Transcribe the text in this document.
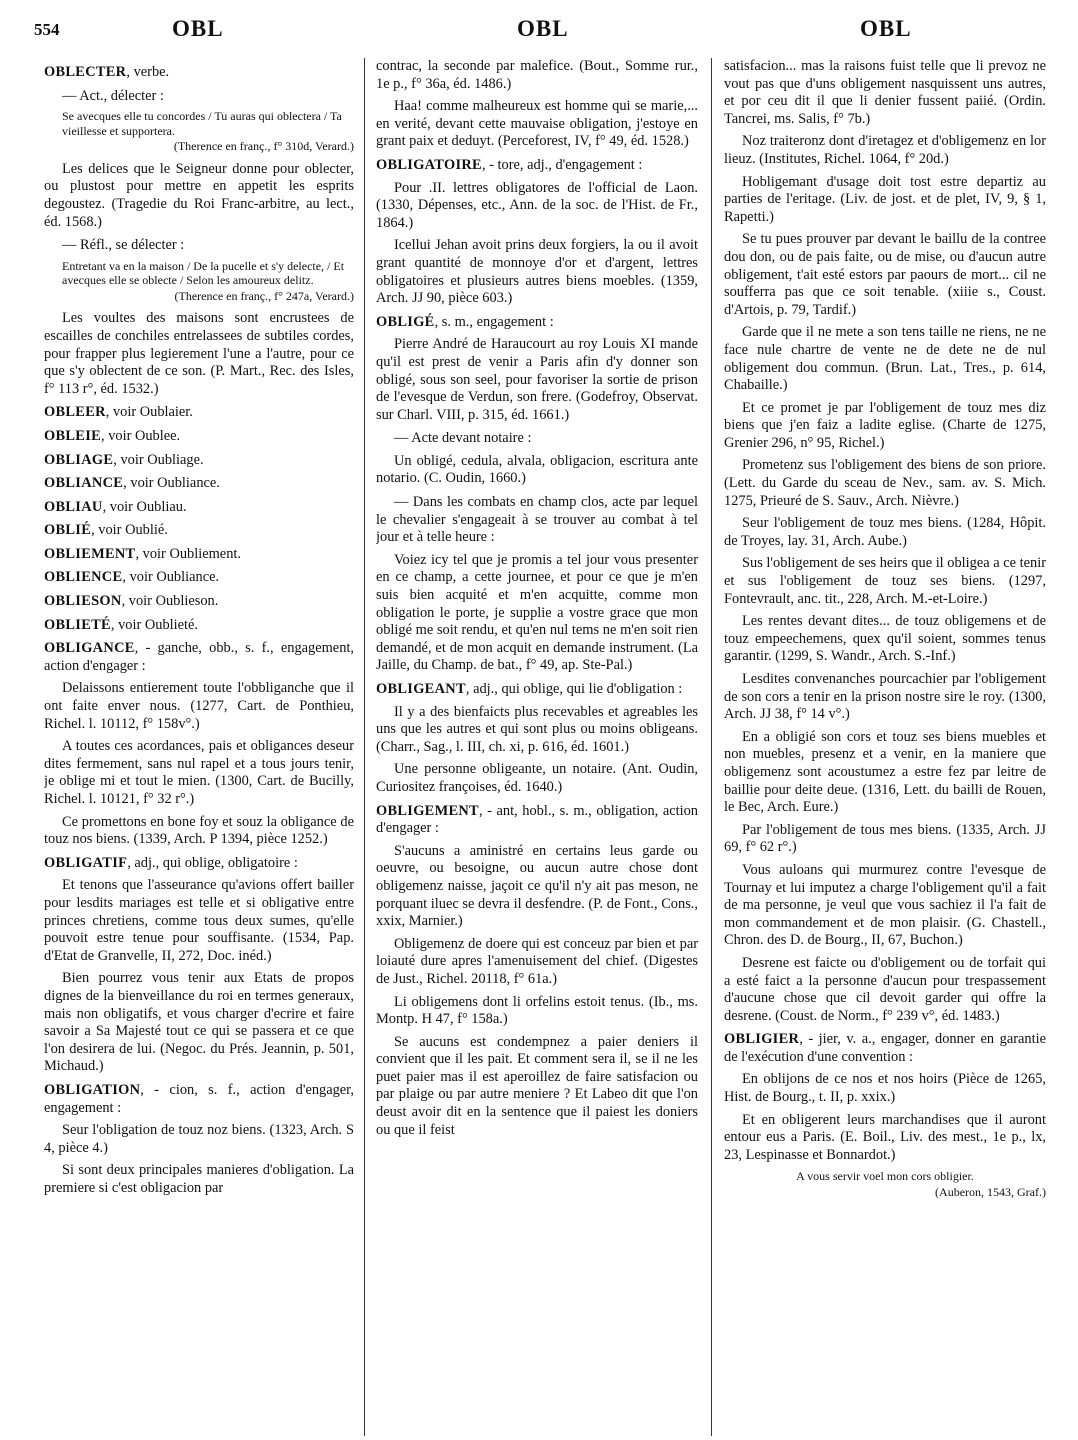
554	OBL	OBL	OBL

OBLECTER, verbe.

— Act., délecter :

Se avecques elle tu concordes / Tu auras qui oblectera / Ta vieillesse et supportera.
(Therence en franç., f° 310d, Verard.)

Les delices que le Seigneur donne pour oblecter, ou plustost pour mettre en appetit les esprits degoustez. (Tragedie du Roi Franc-arbitre, au lect., éd. 1568.)

— Réfl., se délecter :

Entretant va en la maison / De la pucelle et s'y delecte, / Et avecques elle se oblecte / Selon les amoureux delitz.
(Therence en franç., f° 247a, Verard.)

Les voultes des maisons sont encrustees de escailles de conchiles entrelassees de subtiles cordes, pour frapper plus legierement l'une a l'autre, pour ce que s'y oblectent de ce son. (P. Mart., Rec. des Isles, f° 113 r°, éd. 1532.)

OBLEER, voir Oublaier.

OBLEIE, voir Oublee.

OBLIAGE, voir Oubliage.

OBLIANCE, voir Oubliance.

OBLIAU, voir Oubliau.

OBLIÉ, voir Oublié.

OBLIEMENT, voir Oubliement.

OBLIENCE, voir Oubliance.

OBLIESON, voir Oublieson.

OBLIETÉ, voir Oublieté.

OBLIGANCE, - ganche, obb., s. f., engagement, action d'engager :

Delaissons entierement toute l'obbliganche que il ont faite enver nous. (1277, Cart. de Ponthieu, Richel. l. 10112, f° 158v°.)

A toutes ces acordances, pais et obligances deseur dites fermement, sans nul rapel et a tous jours tenir, je oblige mi et tout le mien. (1300, Cart. de Bucilly, Richel. l. 10121, f° 32 r°.)

Ce promettons en bone foy et souz la obligance de touz nos biens. (1339, Arch. P 1394, pièce 1252.)

OBLIGATIF, adj., qui oblige, obligatoire :

Et tenons que l'asseurance qu'avions offert bailler pour lesdits mariages est telle et si obligative entre princes chretiens, comme tous deux sumes, qu'elle pouvoit estre tenue pour souffisante. (1534, Pap. d'Etat de Granvelle, II, 272, Doc. inéd.)

Bien pourrez vous tenir aux Etats de propos dignes de la bienveillance du roi en termes generaux, mais non obligatifs, et vous charger d'ecrire et faire savoir a Sa Majesté tout ce qui se passera et ce que l'on desirera de lui. (Negoc. du Prés. Jeannin, p. 501, Michaud.)

OBLIGATION, - cion, s. f., action d'engager, engagement :

Seur l'obligation de touz noz biens. (1323, Arch. S 4, pièce 4.)

Si sont deux principales manieres d'obligation. La premiere si c'est obligacion par

contrac, la seconde par malefice. (Bout., Somme rur., 1e p., f° 36a, éd. 1486.)

Haa! comme malheureux est homme qui se marie,... en verité, devant cette mauvaise obligation, j'estoye en grant paix et deduyt. (Perceforest, IV, f° 49, éd. 1528.)

OBLIGATOIRE, - tore, adj., d'engagement :

Pour .II. lettres obligatores de l'official de Laon. (1330, Dépenses, etc., Ann. de la soc. de l'Hist. de Fr., 1864.)

Icellui Jehan avoit prins deux forgiers, la ou il avoit grant quantité de monnoye d'or et d'argent, lettres obligatoires et plusieurs autres biens moebles. (1359, Arch. JJ 90, pièce 603.)

OBLIGÉ, s. m., engagement :

Pierre André de Haraucourt au roy Louis XI mande qu'il est prest de venir a Paris afin d'y donner son obligé, sous son seel, pour favoriser la sortie de prison de l'evesque de Verdun, son frere. (Godefroy, Observat. sur Charl. VIII, p. 315, éd. 1661.)

— Acte devant notaire :

Un obligé, cedula, alvala, obligacion, escritura ante notario. (C. Oudin, 1660.)

— Dans les combats en champ clos, acte par lequel le chevalier s'engageait à se trouver au combat à tel jour et à telle heure :

Voiez icy tel que je promis a tel jour vous presenter en ce champ, a cette journee, et pour ce que je m'en suis bien acquité et m'en acquitte, comme mon obligation le porte, je supplie a vostre grace que mon obligé me soit rendu, et qu'en nul tems ne m'en soit rien demandé, et de mon acquit en demande instrument. (La Jaille, du Champ. de bat., f° 49, ap. Ste-Pal.)

OBLIGEANT, adj., qui oblige, qui lie d'obligation :

Il y a des bienfaicts plus recevables et agreables les uns que les autres et qui sont plus ou moins obligeans. (Charr., Sag., l. III, ch. xi, p. 616, éd. 1601.)

Une personne obligeante, un notaire. (Ant. Oudin, Curiositez françoises, éd. 1640.)

OBLIGEMENT, - ant, hobl., s. m., obligation, action d'engager :

S'aucuns a aministré en certains leus garde ou oeuvre, ou besoigne, ou aucun autre chose dont obligemenz naisse, jaçoit ce qu'il n'y ait pas meson, ne porquant iluec se devra il desfendre. (P. de Font., Cons., xxix, Marnier.)

Obligemenz de doere qui est conceuz par bien et par loiauté dure apres l'amenuisement del chief. (Digestes de Just., Richel. 20118, f° 61a.)

Li obligemens dont li orfelins estoit tenus. (Ib., ms. Montp. H 47, f° 158a.)

Se aucuns est condempnez a paier deniers il convient que il les pait. Et comment sera il, se il ne les puet paier mas il est aperoillez de faire satisfacion ou par plaige ou par autre meniere ? Et Labeo dit que l'on deust avoir dit en la sentence que il paiest les doniers ou que il feist

satisfacion... mas la raisons fuist telle que li prevoz ne vout pas que d'uns obligement nasquissent uns autres, et por ceu dit il que li denier fussent paiié. (Ordin. Tancrei, ms. Salis, f° 7b.)

Noz traiteronz dont d'iretagez et d'obligemenz en lor lieuz. (Institutes, Richel. 1064, f° 20d.)

Hobligemant d'usage doit tost estre departiz au parties de l'eritage. (Liv. de jost. et de plet, IV, 9, § 1, Rapetti.)

Se tu pues prouver par devant le baillu de la contree dou don, ou de pais faite, ou de mise, ou d'aucun autre obligement, t'ait esté estors par paours de mort... cil ne soufferra pas que ce soit tenable. (xiiie s., Coust. d'Artois, p. 79, Tardif.)

Garde que il ne mete a son tens taille ne riens, ne ne face nule chartre de vente ne de dete ne de nul obligement dou commun. (Brun. Lat., Tres., p. 614, Chabaille.)

Et ce promet je par l'obligement de touz mes diz biens que j'en faiz a ladite eglise. (Charte de 1275, Grenier 296, n° 95, Richel.)

Prometenz sus l'obligement des biens de son priore. (Lett. du Garde du sceau de Nev., sam. av. S. Mich. 1275, Prieuré de S. Sauv., Arch. Nièvre.)

Seur l'obligement de touz mes biens. (1284, Hôpit. de Troyes, lay. 31, Arch. Aube.)

Sus l'obligement de ses heirs que il obligea a ce tenir et sus l'obligement de touz ses biens. (1297, Fontevrault, anc. tit., 228, Arch. M.-et-Loire.)

Les rentes devant dites... de touz obligemens et de touz empeechemens, quex qu'il soient, sommes tenus garantir. (1299, S. Wandr., Arch. S.-Inf.)

Lesdites convenanches pourcachier par l'obligement de son cors a tenir en la prison nostre sire le roy. (1300, Arch. JJ 38, f° 14 v°.)

En a obligié son cors et touz ses biens muebles et non muebles, presenz et a venir, en la maniere que obligemenz sont acoustumez a estre fez par leitre de baillie pour deite deue. (1316, Lett. du bailli de Rouen, le Bec, Arch. Eure.)

Par l'obligement de tous mes biens. (1335, Arch. JJ 69, f° 62 r°.)

Vous auloans qui murmurez contre l'evesque de Tournay et lui imputez a charge l'obligement qu'il a fait de ma personne, je veul que vous sachiez il l'a fait de mon commandement et de mon plaisir. (G. Chastell., Chron. des D. de Bourg., II, 67, Buchon.)

Desrene est faicte ou d'obligement ou de torfait qui a esté faict a la personne d'aucun pour trespassement d'aucune chose que cil devoit garder qui offre la desrene. (Coust. de Norm., f° 239 v°, éd. 1483.)

OBLIGIER, - jier, v. a., engager, donner en garantie de l'exécution d'une convention :

En oblijons de ce nos et nos hoirs (Pièce de 1265, Hist. de Bourg., t. II, p. xxix.)

Et en obligerent leurs marchandises que il auront entour eus a Paris. (E. Boil., Liv. des mest., 1e p., lx, 23, Lespinasse et Bonnardot.)

A vous servir voel mon cors obligier.

(Auberon, 1543, Graf.)
